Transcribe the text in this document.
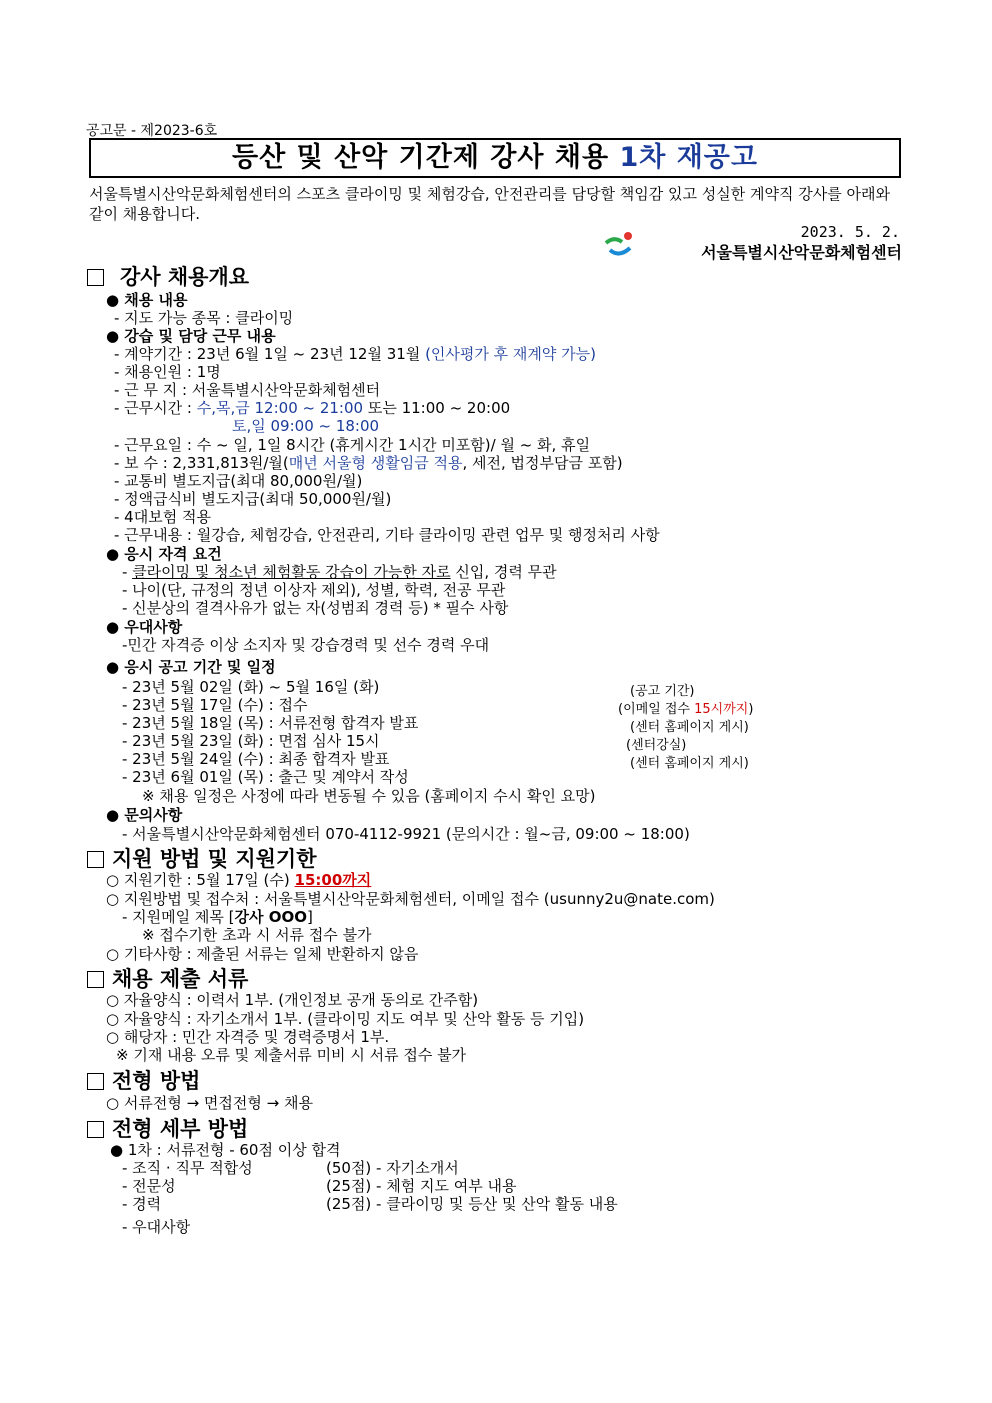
공고문 - 제2023-6호
등산 및 산악 기간제 강사 채용 1차 재공고
서울특별시산악문화체험센터의 스포츠 클라이밍 및 체험강습, 안전관리를 담당할 책임감 있고 성실한 계약직 강사를 아래와 같이 채용합니다.
2023. 5. 2.
서울특별시산악문화체험센터
강사 채용개요
● 채용 내용
- 지도 가능 종목 : 클라이밍
● 강습 및 담당 근무 내용
- 계약기간 : 23년 6월 1일 ~ 23년 12월 31월 (인사평가 후 재계약 가능)
- 채용인원 : 1명
- 근 무 지 : 서울특별시산악문화체험센터
- 근무시간 : 수,목,금 12:00 ~ 21:00 또는 11:00 ~ 20:00
토,일 09:00 ~ 18:00
- 근무요일 : 수 ~ 일, 1일 8시간 (휴게시간 1시간 미포함)/ 월 ~ 화, 휴일
- 보 수 : 2,331,813원/월(매년 서울형 생활임금 적용, 세전, 법정부담금 포함)
- 교통비 별도지급(최대 80,000원/월)
- 정액급식비 별도지급(최대 50,000원/월)
- 4대보험 적용
- 근무내용 : 월강습, 체험강습, 안전관리, 기타 클라이밍 관련 업무 및 행정처리 사항
● 응시 자격 요건
- 클라이밍 및 청소년 체험활동 강습이 가능한 자로 신입, 경력 무관
- 나이(단, 규정의 정년 이상자 제외), 성별, 학력, 전공 무관
- 신분상의 결격사유가 없는 자(성범죄 경력 등) * 필수 사항
● 우대사항
-민간 자격증 이상 소지자 및 강습경력 및 선수 경력 우대
● 응시 공고 기간 및 일정
- 23년 5월 02일 (화) ~ 5월 16일 (화)	(공고 기간)
- 23년 5월 17일 (수) : 접수	(이메일 접수 15시까지)
- 23년 5월 18일 (목) : 서류전형 합격자 발표	(센터 홈페이지 게시)
- 23년 5월 23일 (화) : 면접 심사 15시	(센터강실)
- 23년 5월 24일 (수) : 최종 합격자 발표	(센터 홈페이지 게시)
- 23년 6월 01일 (목) : 출근 및 계약서 작성
※ 채용 일정은 사정에 따라 변동될 수 있음 (홈페이지 수시 확인 요망)
● 문의사항
- 서울특별시산악문화체험센터 070-4112-9921 (문의시간 : 월~금, 09:00 ~ 18:00)
지원 방법 및 지원기한
○ 지원기한 : 5월 17일 (수) 15:00까지
○ 지원방법 및 접수처 : 서울특별시산악문화체험센터, 이메일 접수 (usunny2u@nate.com)
- 지원메일 제목 [강사 OOO]
※ 접수기한 초과 시 서류 접수 불가
○ 기타사항 : 제출된 서류는 일체 반환하지 않음
채용 제출 서류
○ 자율양식 : 이력서 1부. (개인정보 공개 동의로 간주함)
○ 자율양식 : 자기소개서 1부. (클라이밍 지도 여부 및 산악 활동 등 기입)
○ 해당자 : 민간 자격증 및 경력증명서 1부.
※ 기재 내용 오류 및 제출서류 미비 시 서류 접수 불가
전형 방법
○ 서류전형 → 면접전형 → 채용
전형 세부 방법
● 1차 : 서류전형 - 60점 이상 합격
- 조직 · 직무 적합성	(50점) - 자기소개서
- 전문성	(25점) - 체험 지도 여부 내용
- 경력	(25점) - 클라이밍 및 등산 및 산악 활동 내용
- 우대사항
